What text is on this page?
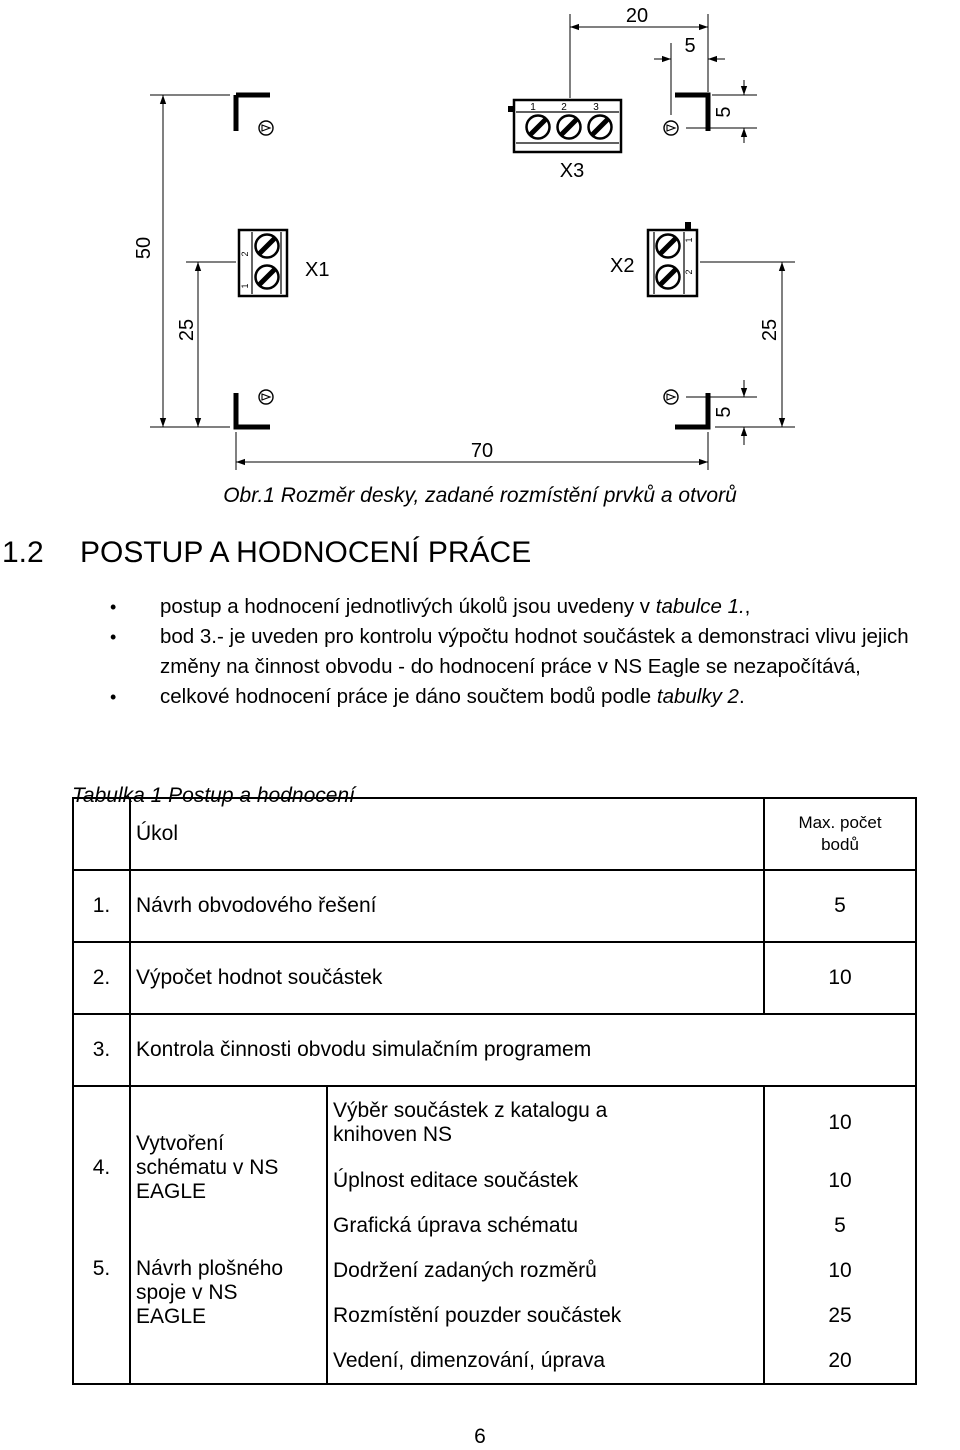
1	2	3
X3
2
1
X1
1
2
X2
20
5
5
50
25	25
5
70
Obr.1 Rozměr desky, zadané rozmístění prvků a otvorů
1.2 POSTUP A HODNOCENÍ PRÁCE
• postup a hodnocení jednotlivých úkolů jsou uvedeny v tabulce 1.,
• bod 3.- je uveden pro kontrolu výpočtu hodnot součástek a demonstraci vlivu jejich změny na činnost obvodu - do hodnocení práce v NS Eagle se nezapočítává,
• celkové hodnocení práce je dáno součtem bodů podle tabulky 2.
Tabulka 1 Postup a hodnocení
	Úkol		Max. počet
bodů

1.	Návrh obvodového řešení		5
2.	Výpočet hodnot součástek		10
3.	Kontrola činnosti obvodu simulačním programem		
4.	Vytvoření
schématu v NS
EAGLE	Výběr součástek z katalogu a
knihoven NS	10
		Úplnost editace součástek	10
		Grafická úprava schématu	5
5.	Návrh plošného
spoje v NS
EAGLE	Dodržení zadaných rozměrů	10
		Rozmístění pouzder součástek	25
		Vedení, dimenzování, úprava	20
6
